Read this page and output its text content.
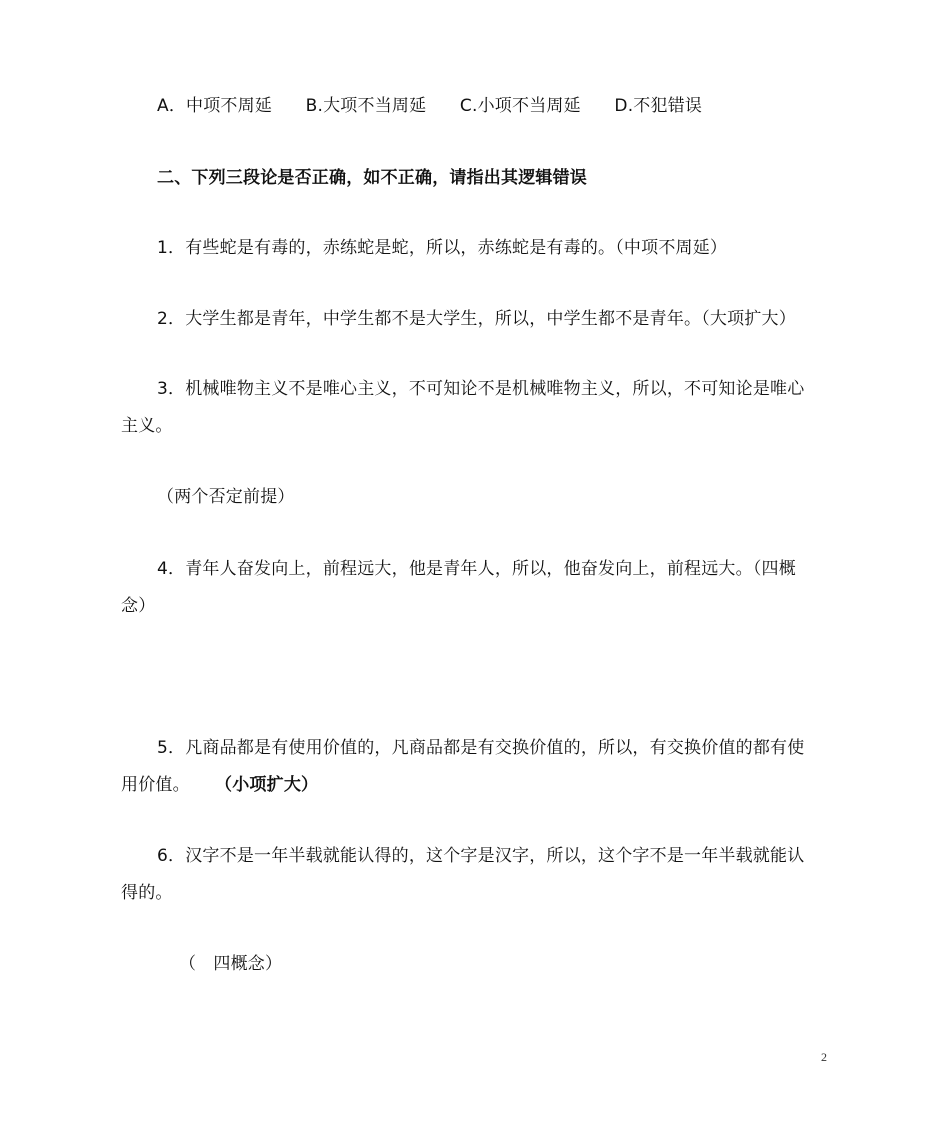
A．中项不周延 B.大项不当周延 C.小项不当周延 D.不犯错误
二、下列三段论是否正确，如不正确，请指出其逻辑错误
1．有些蛇是有毒的，赤练蛇是蛇，所以，赤练蛇是有毒的。（中项不周延）
2．大学生都是青年，中学生都不是大学生，所以，中学生都不是青年。（大项扩大）
3．机械唯物主义不是唯心主义，不可知论不是机械唯物主义，所以，不可知论是唯心
主义。
（两个否定前提）
4．青年人奋发向上，前程远大，他是青年人，所以，他奋发向上，前程远大。（四概
念）
5．凡商品都是有使用价值的，凡商品都是有交换价值的，所以，有交换价值的都有使
用价值。 （小项扩大）
6．汉字不是一年半载就能认得的，这个字是汉字，所以，这个字不是一年半载就能认
得的。
（　四概念）
2
